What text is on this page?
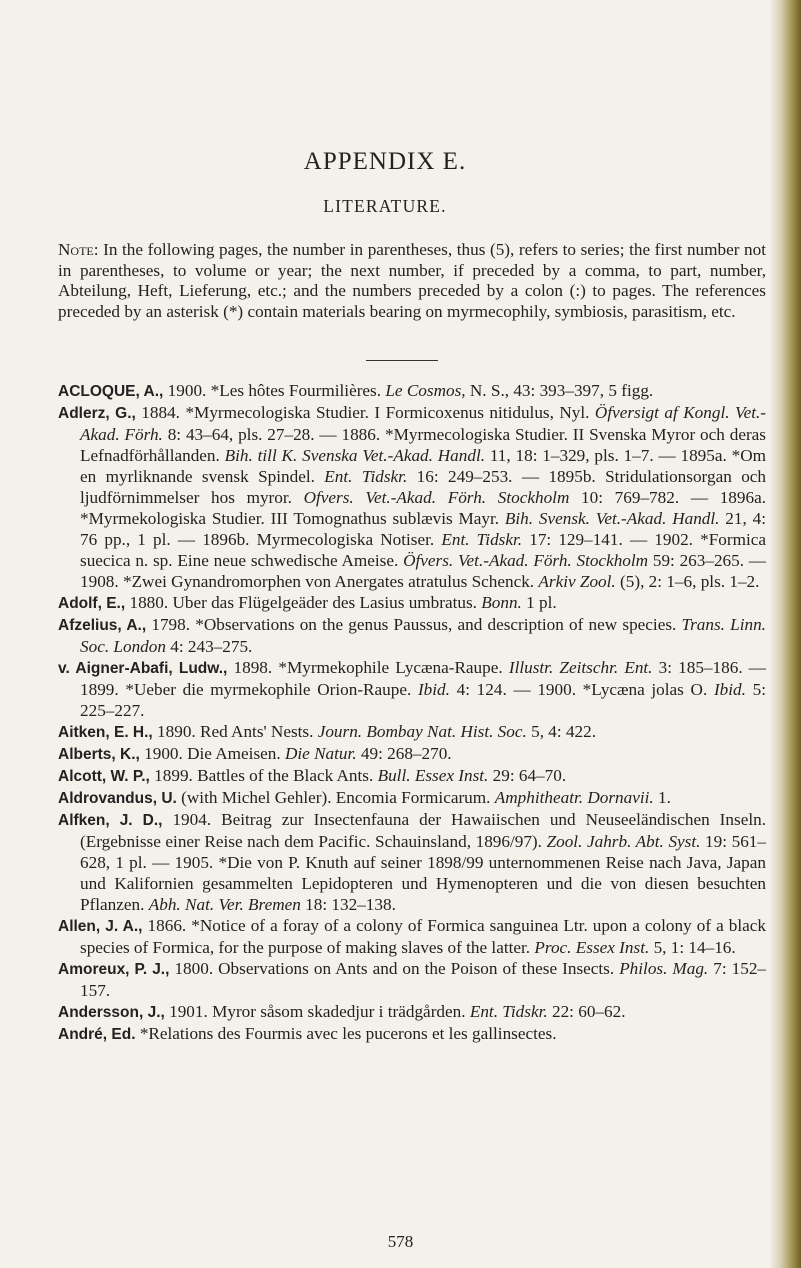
APPENDIX E.
LITERATURE.
Note: In the following pages, the number in parentheses, thus (5), refers to series; the first number not in parentheses, to volume or year; the next number, if preceded by a comma, to part, number, Abteilung, Heft, Lieferung, etc.; and the numbers preceded by a colon (:) to pages. The references preceded by an asterisk (*) contain materials bearing on myrmecophily, symbiosis, parasitism, etc.

ACLOQUE, A., 1900. *Les hôtes Fourmilières. Le Cosmos, N. S., 43: 393–397, 5 figg.

Adlerz, G., 1884. *Myrmecologiska Studier. I Formicoxenus nitidulus, Nyl. Öfversigt af Kongl. Vet.-Akad. Förh. 8: 43–64, pls. 27–28. — 1886. *Myrmecologiska Studier. II Svenska Myror och deras Lefnadförhållanden. Bih. till K. Svenska Vet.-Akad. Handl. 11, 18: 1–329, pls. 1–7. — 1895a. *Om en myrliknande svensk Spindel. Ent. Tidskr. 16: 249–253. — 1895b. Stridulationsorgan och ljudförnimmelser hos myror. Ofvers. Vet.-Akad. Förh. Stockholm 10: 769–782. — 1896a. *Myrmekologiska Studier. III Tomognathus sublævis Mayr. Bih. Svensk. Vet.-Akad. Handl. 21, 4: 76 pp., 1 pl. — 1896b. Myrmecologiska Notiser. Ent. Tidskr. 17: 129–141. — 1902. *Formica suecica n. sp. Eine neue schwedische Ameise. Öfvers. Vet.-Akad. Förh. Stockholm 59: 263–265. — 1908. *Zwei Gynandromorphen von Anergates atratulus Schenck. Arkiv Zool. (5), 2: 1–6, pls. 1–2.

Adolf, E., 1880. Uber das Flügelgeäder des Lasius umbratus. Bonn. 1 pl.

Afzelius, A., 1798. *Observations on the genus Paussus, and description of new species. Trans. Linn. Soc. London 4: 243–275.

v. Aigner-Abafi, Ludw., 1898. *Myrmekophile Lycæna-Raupe. Illustr. Zeitschr. Ent. 3: 185–186. — 1899. *Ueber die myrmekophile Orion-Raupe. Ibid. 4: 124. — 1900. *Lycæna jolas O. Ibid. 5: 225–227.

Aitken, E. H., 1890. Red Ants' Nests. Journ. Bombay Nat. Hist. Soc. 5, 4: 422.

Alberts, K., 1900. Die Ameisen. Die Natur. 49: 268–270.

Alcott, W. P., 1899. Battles of the Black Ants. Bull. Essex Inst. 29: 64–70.

Aldrovandus, U. (with Michel Gehler). Encomia Formicarum. Amphitheatr. Dornavii. 1.

Alfken, J. D., 1904. Beitrag zur Insectenfauna der Hawaiischen und Neuseeländischen Inseln. (Ergebnisse einer Reise nach dem Pacific. Schauinsland, 1896/97). Zool. Jahrb. Abt. Syst. 19: 561–628, 1 pl. — 1905. *Die von P. Knuth auf seiner 1898/99 unternommenen Reise nach Java, Japan und Kalifornien gesammelten Lepidopteren und Hymenopteren und die von diesen besuchten Pflanzen. Abh. Nat. Ver. Bremen 18: 132–138.

Allen, J. A., 1866. *Notice of a foray of a colony of Formica sanguinea Ltr. upon a colony of a black species of Formica, for the purpose of making slaves of the latter. Proc. Essex Inst. 5, 1: 14–16.

Amoreux, P. J., 1800. Observations on Ants and on the Poison of these Insects. Philos. Mag. 7: 152–157.

Andersson, J., 1901. Myror såsom skadedjur i trädgården. Ent. Tidskr. 22: 60–62.

André, Ed. *Relations des Fourmis avec les pucerons et les gallinsectes.

578
